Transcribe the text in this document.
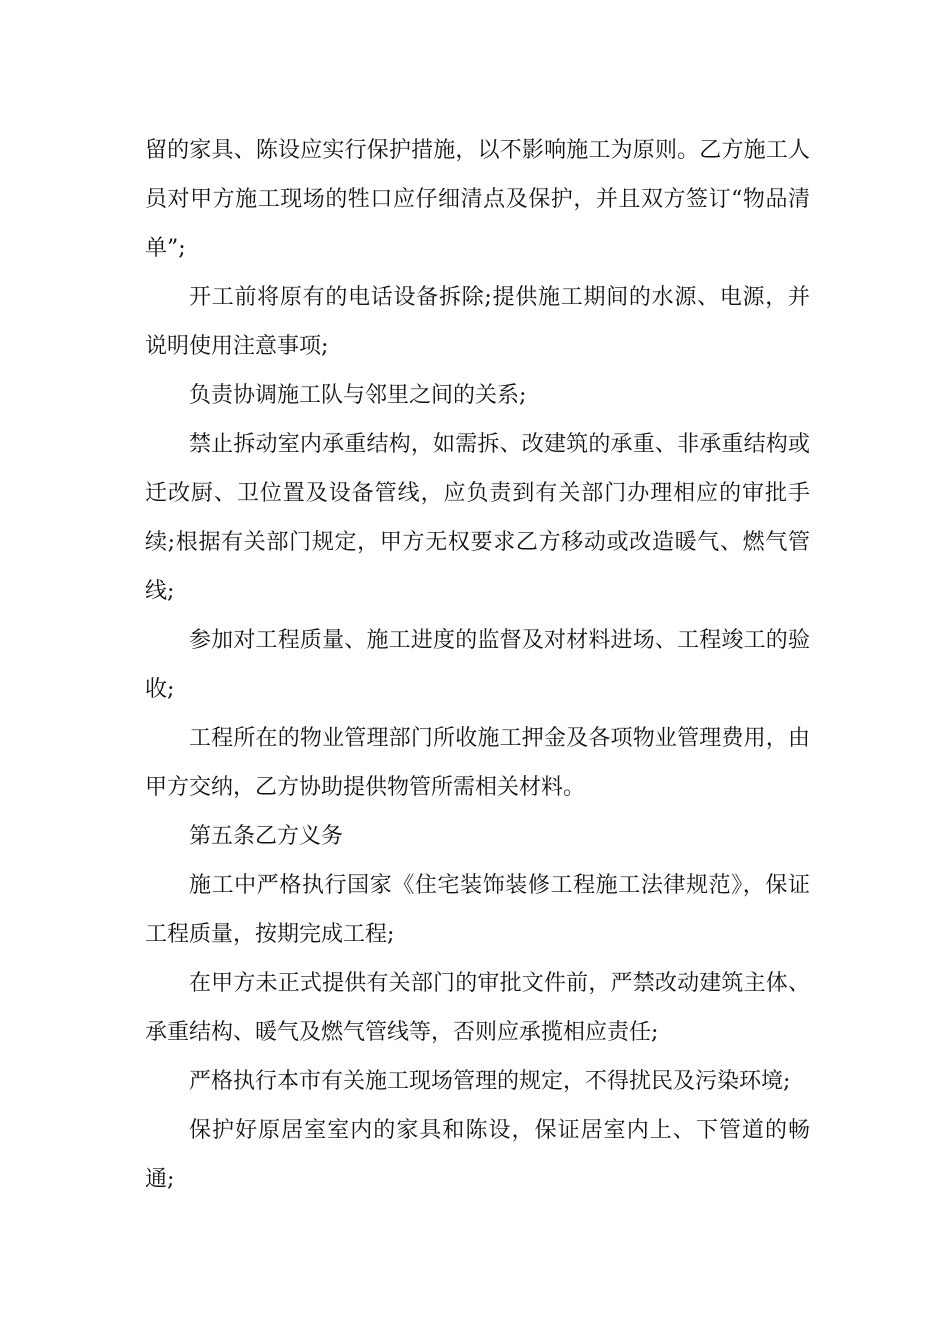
留的家具、陈设应实行保护措施，以不影响施工为原则。乙方施工人员对甲方施工现场的牲口应仔细清点及保护，并且双方签订“物品清单”;

开工前将原有的电话设备拆除;提供施工期间的水源、电源，并说明使用注意事项;

负责协调施工队与邻里之间的关系;

禁止拆动室内承重结构，如需拆、改建筑的承重、非承重结构或迁改厨、卫位置及设备管线，应负责到有关部门办理相应的审批手续;根据有关部门规定，甲方无权要求乙方移动或改造暖气、燃气管线;

参加对工程质量、施工进度的监督及对材料进场、工程竣工的验收;

工程所在的物业管理部门所收施工押金及各项物业管理费用，由甲方交纳，乙方协助提供物管所需相关材料。

第五条乙方义务

施工中严格执行国家《住宅装饰装修工程施工法律规范》，保证工程质量，按期完成工程;

在甲方未正式提供有关部门的审批文件前，严禁改动建筑主体、承重结构、暖气及燃气管线等，否则应承揽相应责任;

严格执行本市有关施工现场管理的规定，不得扰民及污染环境;

保护好原居室室内的家具和陈设，保证居室内上、下管道的畅通;
